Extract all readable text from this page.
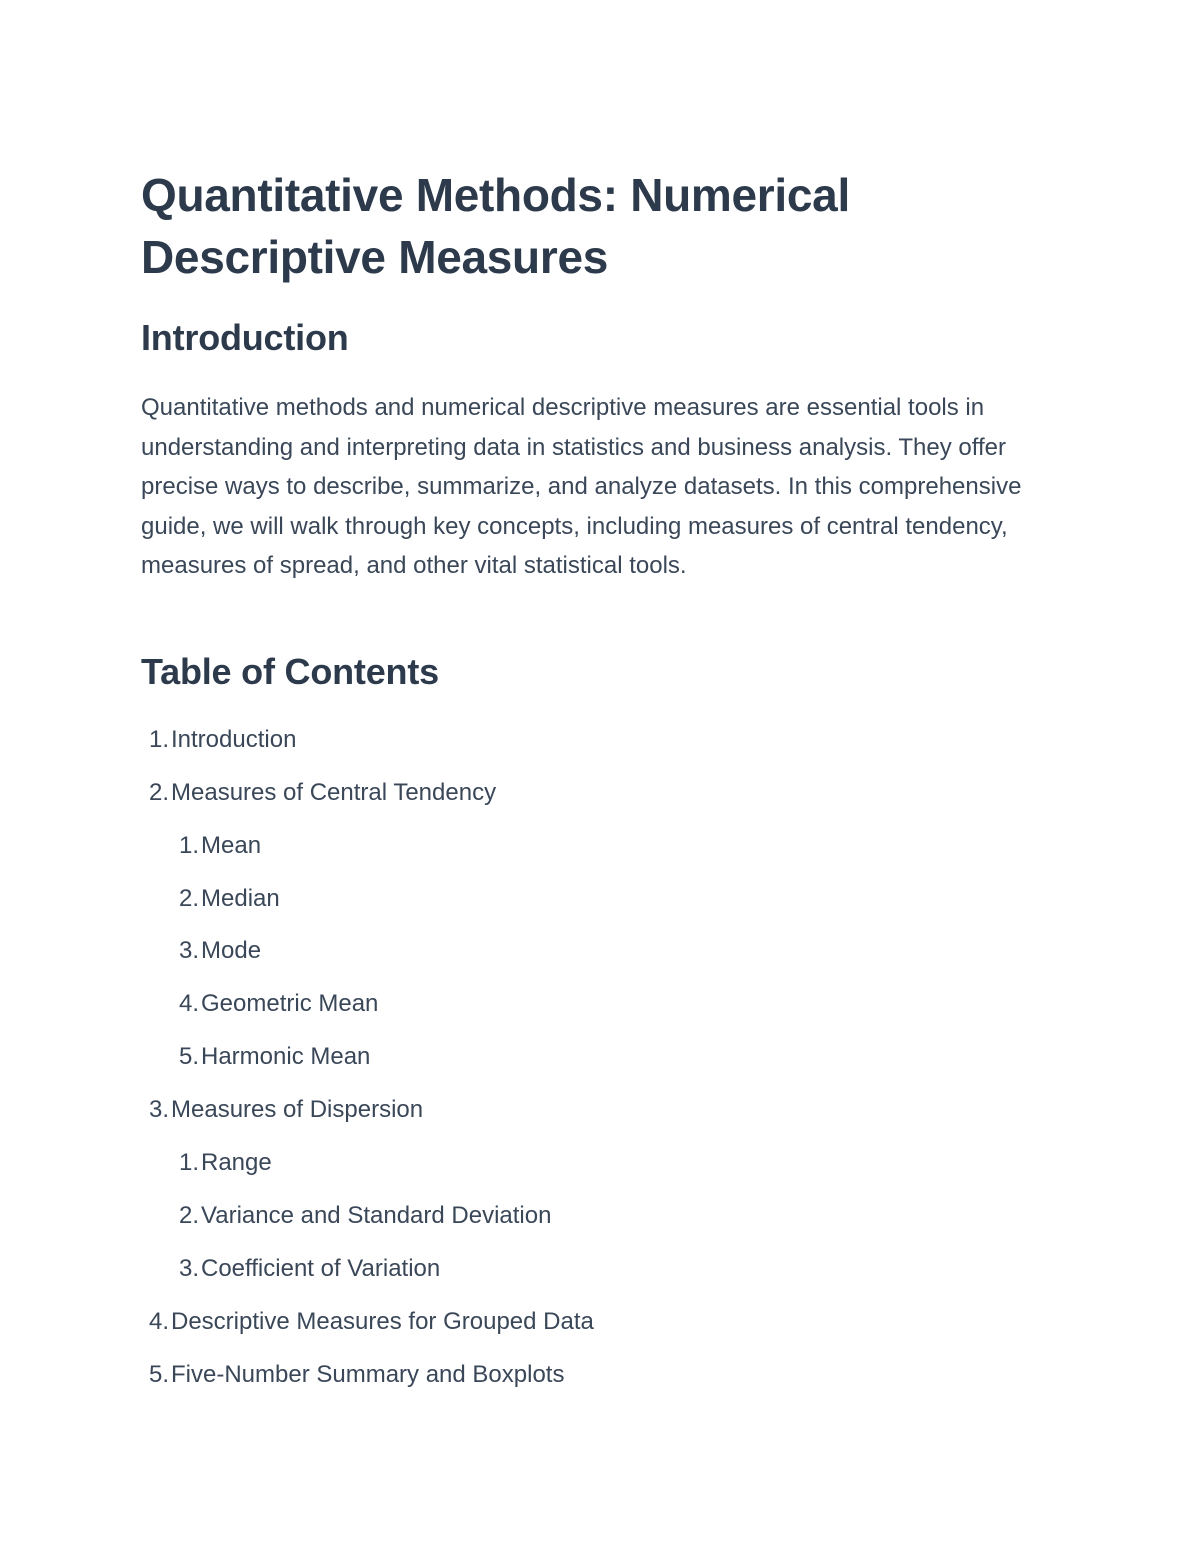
Quantitative Methods: Numerical Descriptive Measures
Introduction

Quantitative methods and numerical descriptive measures are essential tools in understanding and interpreting data in statistics and business analysis. They offer precise ways to describe, summarize, and analyze datasets. In this comprehensive guide, we will walk through key concepts, including measures of central tendency, measures of spread, and other vital statistical tools.

Table of Contents
1.Introduction
2.Measures of Central Tendency
1.Mean
2.Median
3.Mode
4.Geometric Mean
5.Harmonic Mean
3.Measures of Dispersion
1.Range
2.Variance and Standard Deviation
3.Coefficient of Variation
4.Descriptive Measures for Grouped Data
5.Five-Number Summary and Boxplots
